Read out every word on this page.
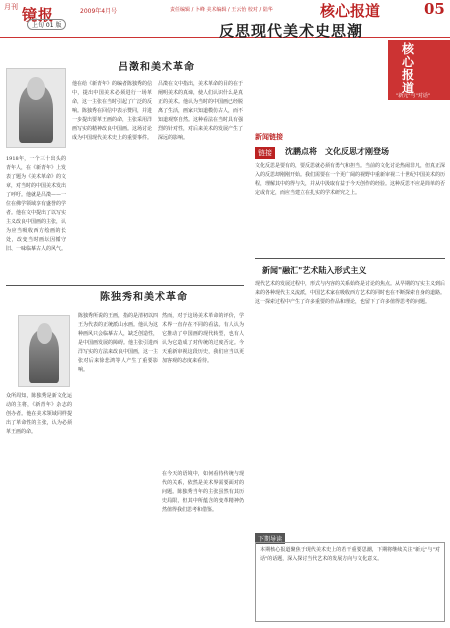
镜报
月刊
2009年4月号	责任编辑 / 卜峰 美术编辑 / 王云怡 校对 / 陆华	核心报道	05
上旬 01 版	反思现代美术史思潮
核心报道
"新元"与"对话"
吕澂和美术革命
1918年，一个三十出头的青年人，在《新青年》上发表了题为《美术革命》的文章，对当时的中国美术发出了呼吁。他就是吕澂——一位在佛学领域享有盛誉的学者。他在文中提出了以写实主义改良中国画的主张，认为应当吸收西方绘画的长处，改变当时画坛因循守旧、一味临摹古人的风气。
他在给《新青年》的编者陈独秀的信中，提出中国美术必须进行一场革命，这一主张在当时引起了广泛的反响。陈独秀在回信中表示赞同，并进一步提出要革王画的命，主张采用洋画写实的精神改良中国画。这场讨论成为中国现代美术史上的重要事件。
吕澂在文中指出，美术革命的目的在于阐明美术的真谛，使人们认识什么是真正的美术。他认为当时的中国画已经脱离了生活，画家只知道模仿古人，而不知道观察自然。这种看法在当时具有强烈的针对性，对后来美术的发展产生了深远的影响。
陈独秀和美术革命
众所周知，陈独秀是新文化运动的主将，《新青年》杂志的创办者。他在美术领域同样提出了革命性的主张，认为必须革王画的命。
陈独秀所说的王画，指的是清初以四王为代表的正统派山水画。他认为这种画风只会临摹古人，缺乏创造性，是中国画发展的障碍。他主张引进西洋写实的方法来改良中国画，这一主张对后来徐悲鸿等人产生了重要影响。
然而，对于这场美术革命的评价，学术界一直存在不同的看法。有人认为它推动了中国画的现代转型，也有人认为它造成了对传统的过度否定。今天重新审视这段历史，我们应当以更加客观的态度来看待。
在今天的语境中，如何看待传统与现代的关系，依然是美术界需要面对的问题。陈独秀当年的主张虽然有其历史局限，但其中所蕴含的变革精神仍然值得我们思考和借鉴。
新闻链接
链接	沈鹏点将　文化反思才刚登场
文化反思是要有的，要反思就必须有勇气和担当。当前的文化讨论热闹非凡，但真正深入的反思却刚刚开始。我们需要在一个更广阔的视野中重新审视二十世纪中国美术的历程，理解其中的得与失，并从中汲取有益于今天创作的经验。这种反思不应是简单的否定或肯定，而应当建立在扎实的学术研究之上。
新闻"融汇"艺术陆入形式主义
现代艺术的发展过程中，形式与内容的关系始终是讨论的焦点。从早期的写实主义到后来的各种现代主义流派，中国艺术家在吸收西方艺术的同时也在不断探索自身的道路。这一探索过程中产生了许多重要的作品和理论，也留下了许多值得思考的问题。
下期导读
本期核心报道聚焦于现代美术史上的若干重要思潮，下期将继续关注"新元"与"对话"的话题，深入探讨当代艺术的发展方向与文化意义。
